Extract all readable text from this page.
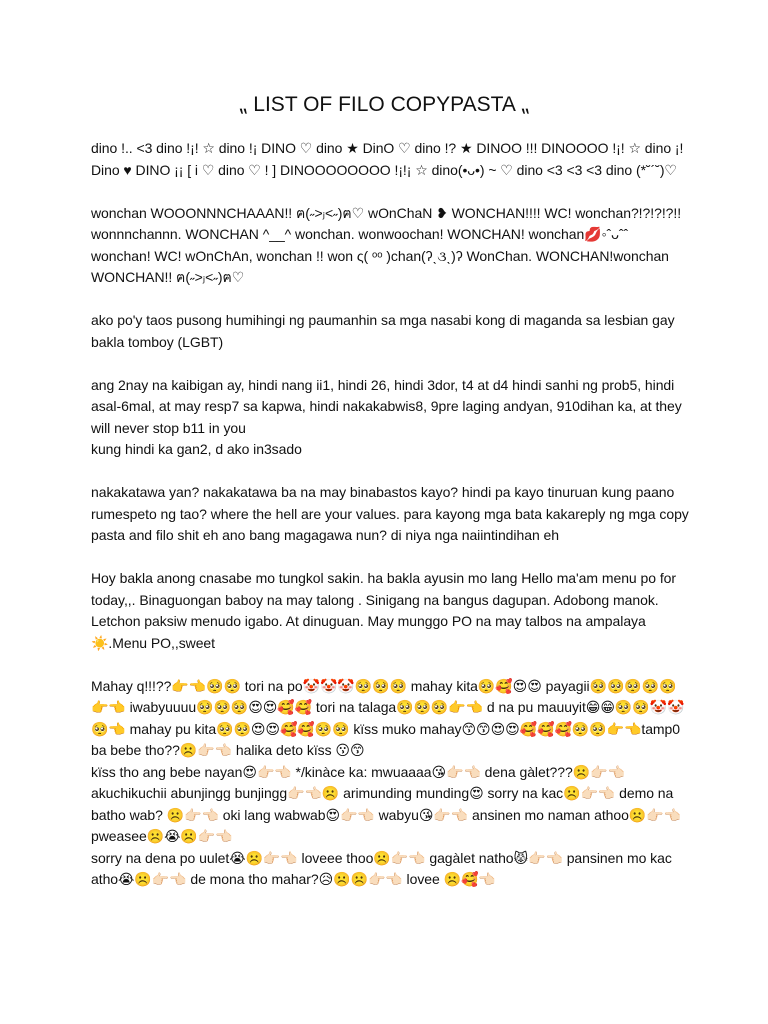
⹂ LIST OF FILO COPYPASTA ⹂

dino !.. <3 dino !¡! ☆ dino !¡ DINO ♡ dino ★ DinO ♡ dino !? ★ DINOO !!! DINOOOO !¡! ☆ dino ¡! Dino ♥ DINO ¡¡ [ i ♡ dino ♡ ! ] DINOOOOOOOO !¡!¡ ☆ dino(•ᴗ•) ~ ♡ dino <3 <3 <3 dino (*˘´˘)♡

wonchan WOOONNNCHAAAN!! ฅ(˶>ⱼ<˶)ฅ♡ wOnChaN ❥ WONCHAN!!!! WC! wonchan?!?!?!?!! wonnnchannn. WONCHAN ^__^ wonchan. wonwoochan! WONCHAN! wonchan💋◦ˆᴗˆˆ wonchan! WC! wOnChAn, wonchan !! won ς( ᵒᵒ )chan(ʔˎ૩ˎ)ʔ WonChan. WONCHAN!wonchan WONCHAN!! ฅ(˶>ⱼ<˶)ฅ♡

ako po'y taos pusong humihingi ng paumanhin sa mga nasabi kong di maganda sa lesbian gay bakla tomboy (LGBT)

ang 2nay na kaibigan ay, hindi nang ii1, hindi 26, hindi 3dor, t4 at d4 hindi sanhi ng prob5, hindi asal-6mal, at may resp7 sa kapwa, hindi nakakabwis8, 9pre laging andyan, 910dihan ka, at they will never stop b11 in you
kung hindi ka gan2, d ako in3sado

nakakatawa yan? nakakatawa ba na may binabastos kayo? hindi pa kayo tinuruan kung paano rumespeto ng tao? where the hell are your values. para kayong mga bata kakareply ng mga copy pasta and filo shit eh ano bang magagawa nun? di niya nga naiintindihan eh

Hoy bakla anong cnasabe mo tungkol sakin. ha bakla ayusin mo lang Hello ma'am menu po for today,,. Binaguongan baboy na may talong . Sinigang na bangus dagupan. Adobong manok. Letchon paksiw menudo igabo. At dinuguan. May munggo PO na may talbos na ampalaya☀️.Menu PO,,sweet

Mahay q!!!??👉👈🥺🥺 tori na po🤡🤡🤡🥺🥺🥺 mahay kita🥺🥰😍😍 payagii🥺🥺🥺🥺🥺👉👈 iwabyuuuu🥺🥺🥺😍😍🥰🥰 tori na talaga🥺🥺🥺👉👈 d na pu mauuyit😁😁🥺🥺🤡🤡🥺👈 mahay pu kita🥺🥺😍😍🥰🥰🥺🥺 kïss muko mahay😙😙😍😍🥰🥰🥰🥺🥺👉👈tamp0 ba bebe tho??☹️👉🏻👈🏻 halika deto kïss 😗😙
kïss tho ang bebe nayan😍👉🏻👈🏻 */kinàce ka: mwuaaaa😘👉🏻👈🏻 dena gàlet???☹️👉🏻👈🏻akuchikuchii abunjingg bunjingg👉🏻👈🏻☹️ arimunding munding😍 sorry na kac☹️👉🏻👈🏻 demo na batho wab? ☹️👉🏻👈🏻 oki lang wabwab😍👉🏻👈🏻 wabyu😘👉🏻👈🏻 ansinen mo naman athoo☹️👉🏻👈🏻 pweasee☹️😭☹️👉🏻👈🏻
sorry na dena po uulet😭☹️👉🏻👈🏻 loveee thoo☹️👉🏻👈🏻 gagàlet natho😾👉🏻👈🏻 pansinen mo kac atho😭☹️👉🏻👈🏻 de mona tho mahar?😥☹️☹️👉🏻👈🏻 lovee ☹️🥰👈🏻
